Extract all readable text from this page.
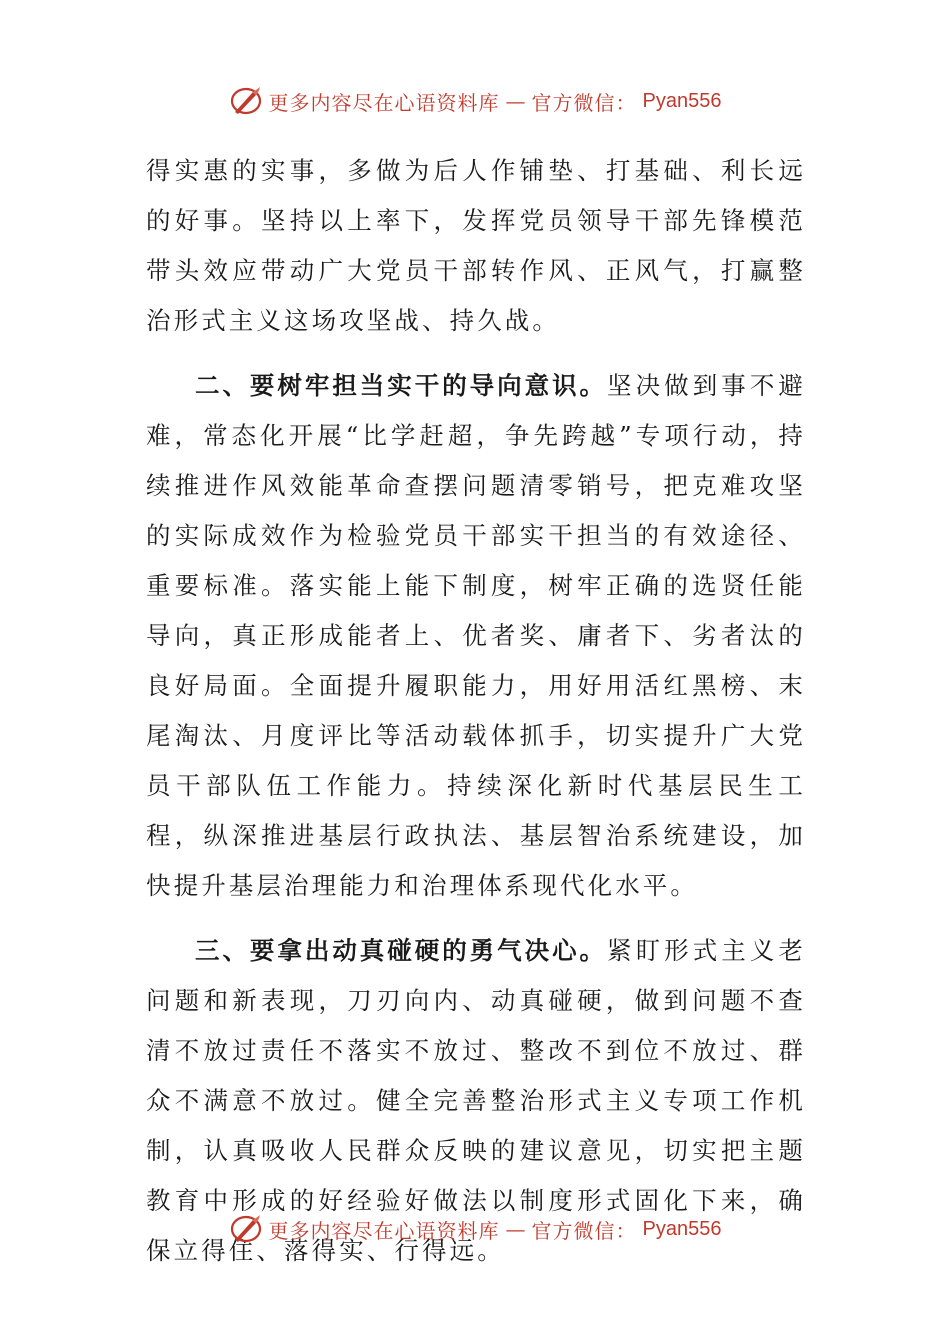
更多内容尽在心语资料库 — 官方微信： Pyan556

得实惠的实事，多做为后人作铺垫、打基础、利长远的好事。坚持以上率下，发挥党员领导干部先锋模范带头效应带动广大党员干部转作风、正风气，打赢整治形式主义这场攻坚战、持久战。

二、要树牢担当实干的导向意识。坚决做到事不避难，常态化开展“比学赶超，争先跨越”专项行动，持续推进作风效能革命查摆问题清零销号，把克难攻坚的实际成效作为检验党员干部实干担当的有效途径、重要标准。落实能上能下制度，树牢正确的选贤任能导向，真正形成能者上、优者奖、庸者下、劣者汰的良好局面。全面提升履职能力，用好用活红黑榜、末尾淘汰、月度评比等活动载体抓手，切实提升广大党员干部队伍工作能力。持续深化新时代基层民生工程，纵深推进基层行政执法、基层智治系统建设，加快提升基层治理能力和治理体系现代化水平。

三、要拿出动真碰硬的勇气决心。紧盯形式主义老问题和新表现，刀刃向内、动真碰硬，做到问题不查清不放过责任不落实不放过、整改不到位不放过、群众不满意不放过。健全完善整治形式主义专项工作机制，认真吸收人民群众反映的建议意见，切实把主题教育中形成的好经验好做法以制度形式固化下来，确保立得住、落得实、行得远。

更多内容尽在心语资料库 — 官方微信： Pyan556
